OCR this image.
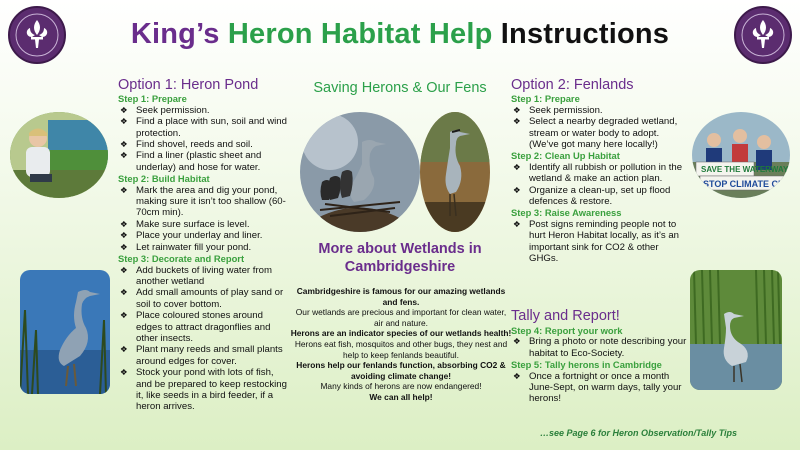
King’s Heron Habitat Help Instructions
Option 1: Heron Pond
Step 1: Prepare
❖ Seek permission.
❖ Find a place with sun, soil and wind protection.
❖ Find shovel, reeds and soil.
❖ Find a liner (plastic sheet and underlay) and hose for water.
Step 2: Build Habitat
❖ Mark the area and dig your pond, making sure it isn’t too shallow (60-70cm min).
❖ Make sure surface is level.
❖ Place your underlay and liner.
❖ Let rainwater fill your pond.
Step 3: Decorate and Report
❖ Add buckets of living water from another wetland
❖ Add small amounts of play sand or soil to cover bottom.
❖ Place coloured stones around edges to attract dragonflies and other insects.
❖ Plant many reeds and small plants around edges for cover.
❖ Stock your pond with lots of fish, and be prepared to keep restocking it, like seeds in a bird feeder, if a heron arrives.
Saving Herons & Our Fens
More about Wetlands in
Cambridgeshire
Cambridgeshire is famous for our amazing wetlands and fens.
Our wetlands are precious and important for clean water, air and nature.
Herons are an indicator species of our wetlands health!
Herons eat fish, mosquitos and other bugs, they nest and help to keep fenlands beautiful.
Herons help our fenlands function, absorbing CO2 & avoiding climate change!
Many kinds of herons are now endangered!
We can all help!
Option 2: Fenlands
Step 1: Prepare
❖ Seek permission.
❖ Select a nearby degraded wetland, stream or water body to adopt. (We’ve got many here locally!)
Step 2: Clean Up Habitat
❖ Identify all rubbish or pollution in the wetland & make an action plan.
❖ Organize a clean-up, set up flood defences & restore.
Step 3: Raise Awareness
❖ Post signs reminding people not to hurt Heron Habitat locally, as it’s an important sink for CO2 & other GHGs.
Tally and Report!
Step 4: Report your work
❖ Bring a photo or note describing your habitat to Eco-Society.
Step 5: Tally herons in Cambridge
❖ Once a fortnight or once a month June-Sept, on warm days, tally your herons!
SAVE THE WATERWAY
STOP CLIMATE CH
…see Page 6 for Heron Observation/Tally Tips
